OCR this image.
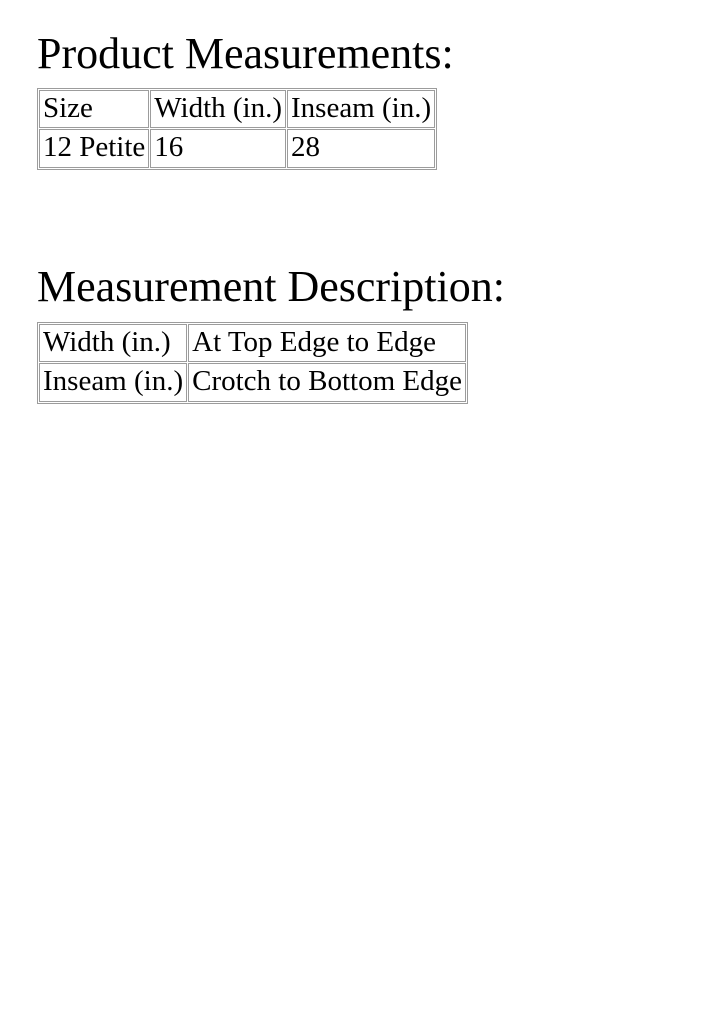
Product Measurements:
Size	Width (in.)	Inseam (in.)
12 Petite	16	28
Measurement Description:
Width (in.)	At Top Edge to Edge
Inseam (in.)	Crotch to Bottom Edge
